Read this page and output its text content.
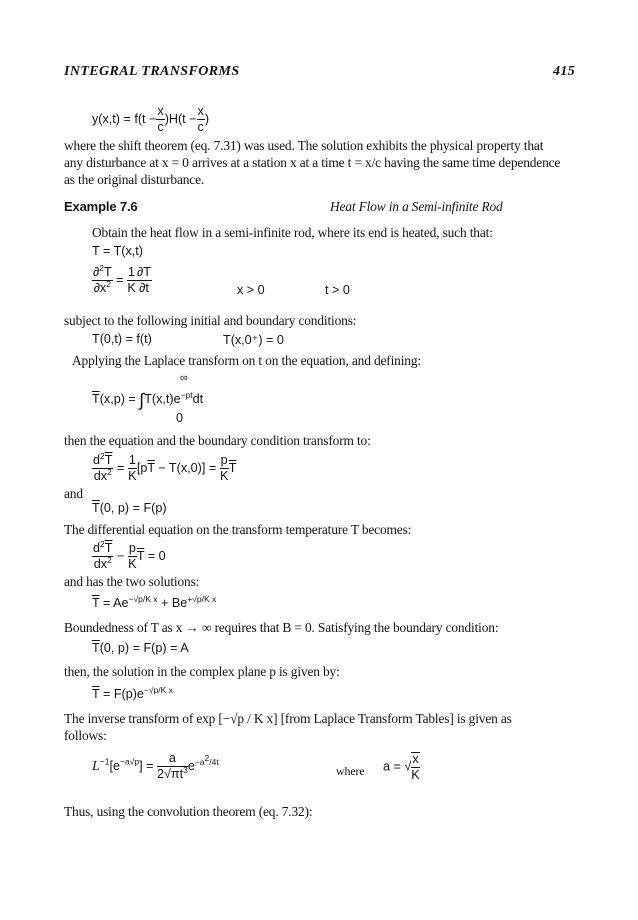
INTEGRAL TRANSFORMS	415
$y(x,t) = f(t - \frac{x}{c} )H(t - \frac{x}{c}$ )
where the shift theorem (eq. 7.31) was used. The solution exhibits the physical property that any disturbance at x = 0 arrives at a station x at a time t = x/c having the same time dependence as the original disturbance.
Example 7.6	Heat Flow in a Semi-infinite Rod
Obtain the heat flow in a semi-infinite rod, where its end is heated, such that:
T = T(x,t)
$\frac{\partial^2T}{\partial x^2} = \frac{1}{K} \frac{\partial T}{\partial t}$	x > 0	t > 0
subject to the following initial and boundary conditions:
T(0,t) = f(t)	T(x,0⁺) = 0
Applying the Laplace transform on t on the equation, and defining:
∞
$\overline{T}(x,p) = \int T(x,t)e^{-pt}dt$
0
then the equation and the boundary condition transform to:
$\frac{d^2\overline{T}}{dx^2} = \frac{1}{K} [p\overline{T} - T(x,0)] = \frac{p}{K} \overline{T}$
and
$\overline{T}(0$, p) = F(p)
The differential equation on the transform temperature T becomes:
$\frac{d^2\overline{T}}{dx^2} - \frac{p}{K} \overline{T} = 0$
and has the two solutions:
$\overline{T} = Ae^{-√p/K x} + Be^{+√p/K x}$
Boundedness of T as x → ∞ requires that B = 0. Satisfying the boundary condition:
$\overline{T}(0$, p) = F(p) = A
then, the solution in the complex plane p is given by:
$\overline{T} = F(p)e^{-√p/K x}$
The inverse transform of exp [−√p / K x] [from Laplace Transform Tables] is given as
follows:
$L^{-1}[e^{-a√p}] = \frac{a}{2√\pi t^3} e^{-a^2/4t}$
where a = √ $\frac{x}{K}$
Thus, using the convolution theorem (eq. 7.32):
